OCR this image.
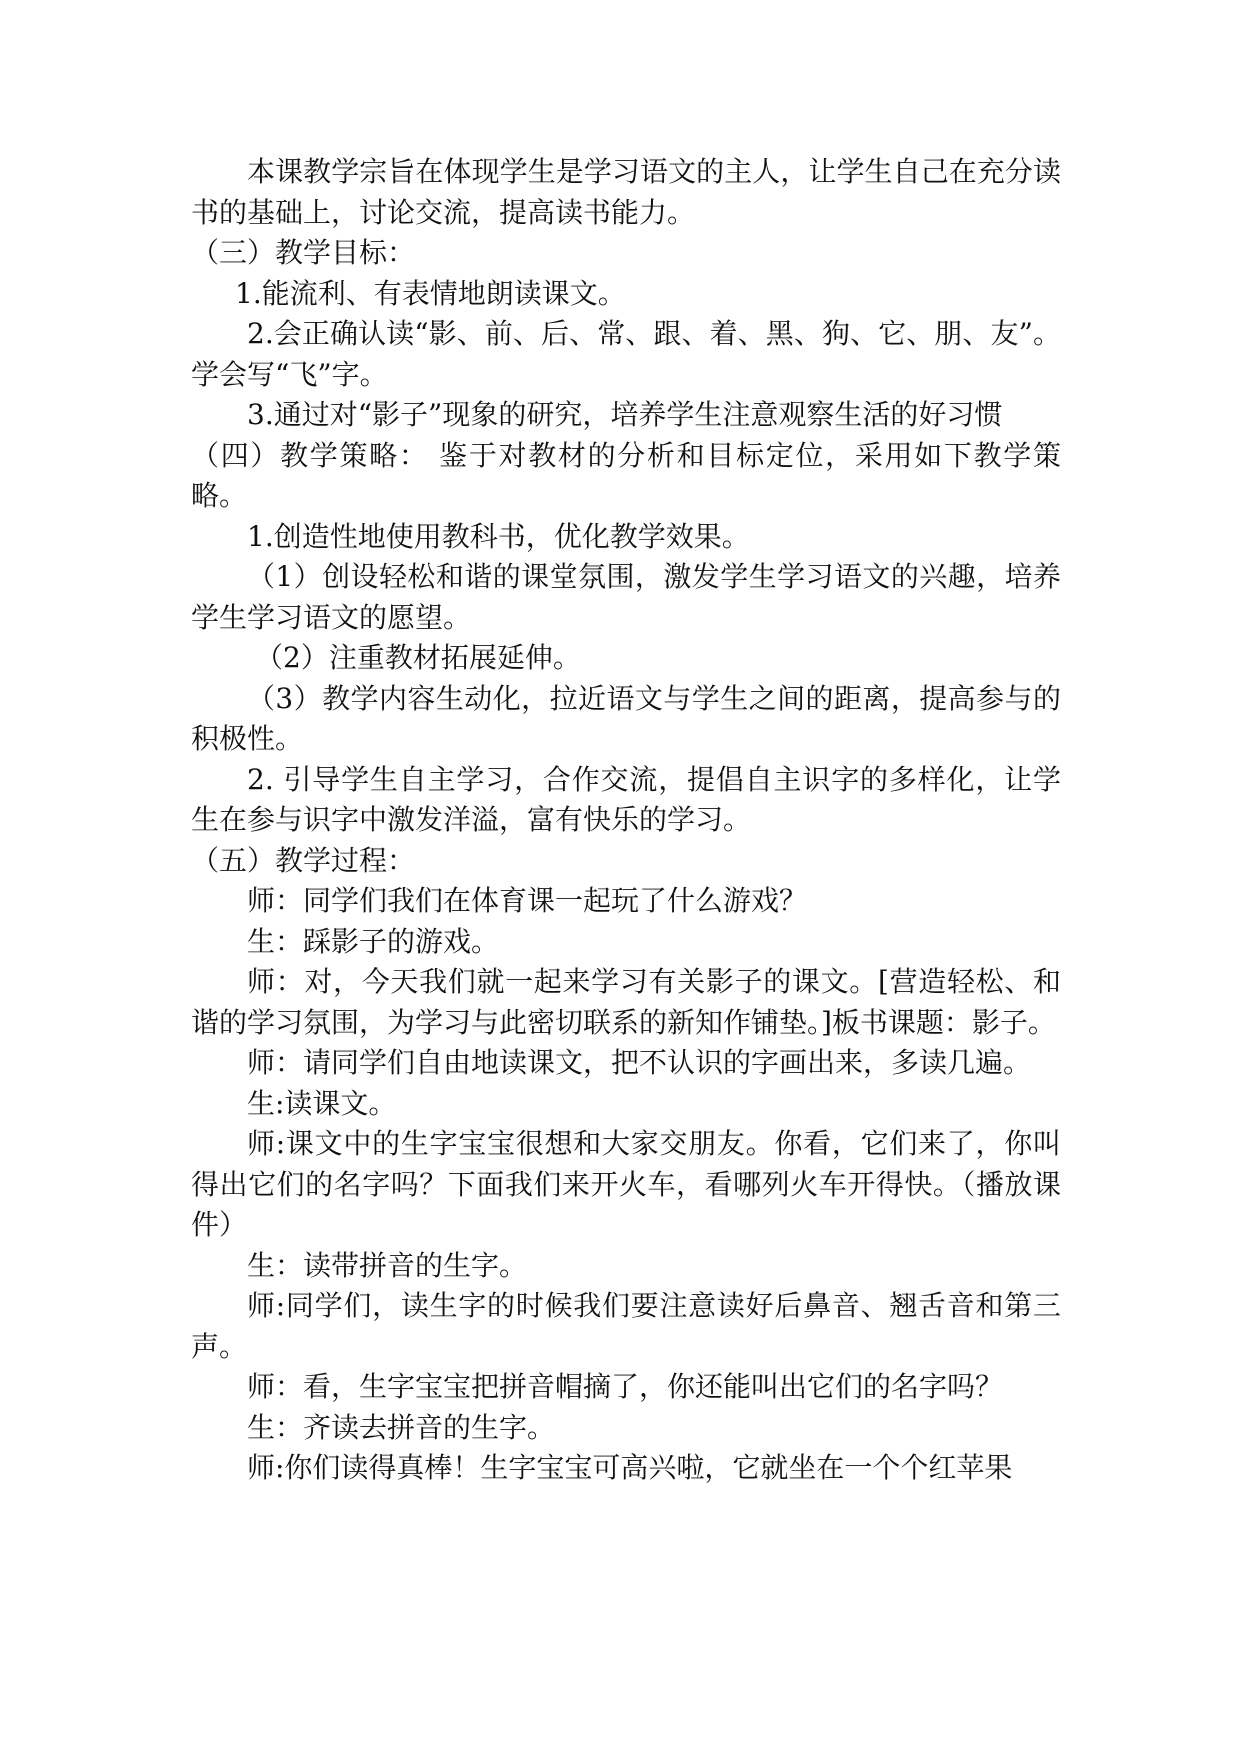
本课教学宗旨在体现学生是学习语文的主人，让学生自己在充分读书的基础上，讨论交流，提高读书能力。

（三）教学目标：

1.能流利、有表情地朗读课文。

2.会正确认读“影、前、后、常、跟、着、黑、狗、它、朋、友”。学会写“飞”字。

3.通过对“影子”现象的研究，培养学生注意观察生活的好习惯

（四）教学策略： 鉴于对教材的分析和目标定位，采用如下教学策略。

1.创造性地使用教科书，优化教学效果。

（1）创设轻松和谐的课堂氛围，激发学生学习语文的兴趣，培养学生学习语文的愿望。

（2）注重教材拓展延伸。

（3）教学内容生动化，拉近语文与学生之间的距离，提高参与的积极性。

2. 引导学生自主学习，合作交流，提倡自主识字的多样化，让学生在参与识字中激发洋溢，富有快乐的学习。

（五）教学过程：

师：同学们我们在体育课一起玩了什么游戏？

生：踩影子的游戏。

师：对，今天我们就一起来学习有关影子的课文。[营造轻松、和谐的学习氛围，为学习与此密切联系的新知作铺垫。]板书课题：影子。

师：请同学们自由地读课文，把不认识的字画出来，多读几遍。

生:读课文。

师:课文中的生字宝宝很想和大家交朋友。你看，它们来了，你叫得出它们的名字吗？下面我们来开火车，看哪列火车开得快。（播放课件）

生：读带拼音的生字。

师:同学们，读生字的时候我们要注意读好后鼻音、翘舌音和第三声。

师：看，生字宝宝把拼音帽摘了，你还能叫出它们的名字吗？

生：齐读去拼音的生字。

师:你们读得真棒！生字宝宝可高兴啦，它就坐在一个个红苹果
